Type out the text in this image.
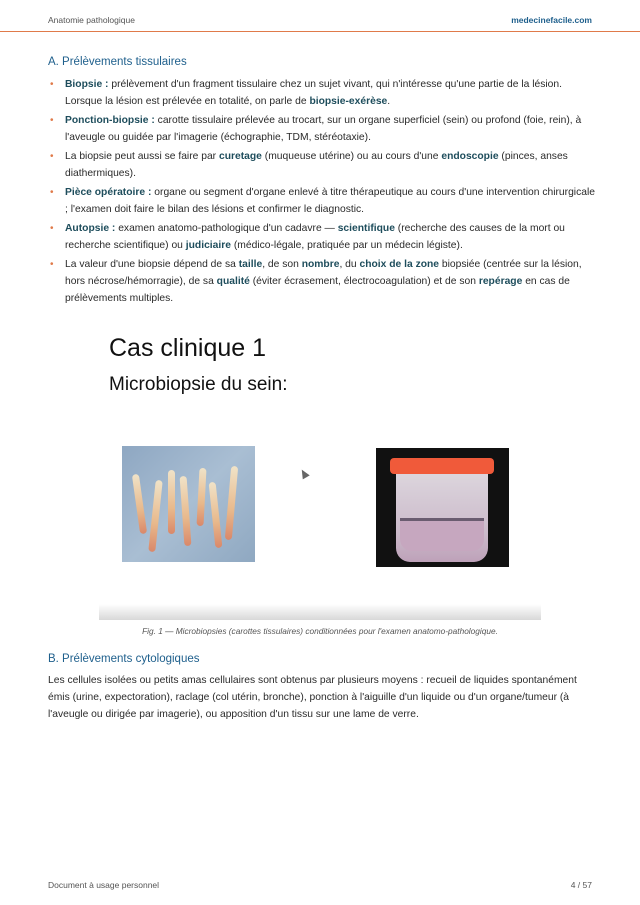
Anatomie pathologique	medecinefacile.com
A. Prélèvements tissulaires
• Biopsie : prélèvement d'un fragment tissulaire chez un sujet vivant, qui n'intéresse qu'une partie de la lésion. Lorsque la lésion est prélevée en totalité, on parle de biopsie-exérèse.
• Ponction-biopsie : carotte tissulaire prélevée au trocart, sur un organe superficiel (sein) ou profond (foie, rein), à l'aveugle ou guidée par l'imagerie (échographie, TDM, stéréotaxie).
• La biopsie peut aussi se faire par curetage (muqueuse utérine) ou au cours d'une endoscopie (pinces, anses diathermiques).
• Pièce opératoire : organe ou segment d'organe enlevé à titre thérapeutique au cours d'une intervention chirurgicale ; l'examen doit faire le bilan des lésions et confirmer le diagnostic.
• Autopsie : examen anatomo-pathologique d'un cadavre — scientifique (recherche des causes de la mort ou recherche scientifique) ou judiciaire (médico-légale, pratiquée par un médecin légiste).
• La valeur d'une biopsie dépend de sa taille, de son nombre, du choix de la zone biopsiée (centrée sur la lésion, hors nécrose/hémorragie), de sa qualité (éviter écrasement, électrocoagulation) et de son repérage en cas de prélèvements multiples.
Cas clinique 1
Microbiopsie du sein:
Fig. 1 — Microbiopsies (carottes tissulaires) conditionnées pour l'examen anatomo-pathologique.
B. Prélèvements cytologiques

Les cellules isolées ou petits amas cellulaires sont obtenus par plusieurs moyens : recueil de liquides spontanément émis (urine, expectoration), raclage (col utérin, bronche), ponction à l'aiguille d'un liquide ou d'un organe/tumeur (à l'aveugle ou dirigée par imagerie), ou apposition d'un tissu sur une lame de verre.

Document à usage personnel	4 / 57
